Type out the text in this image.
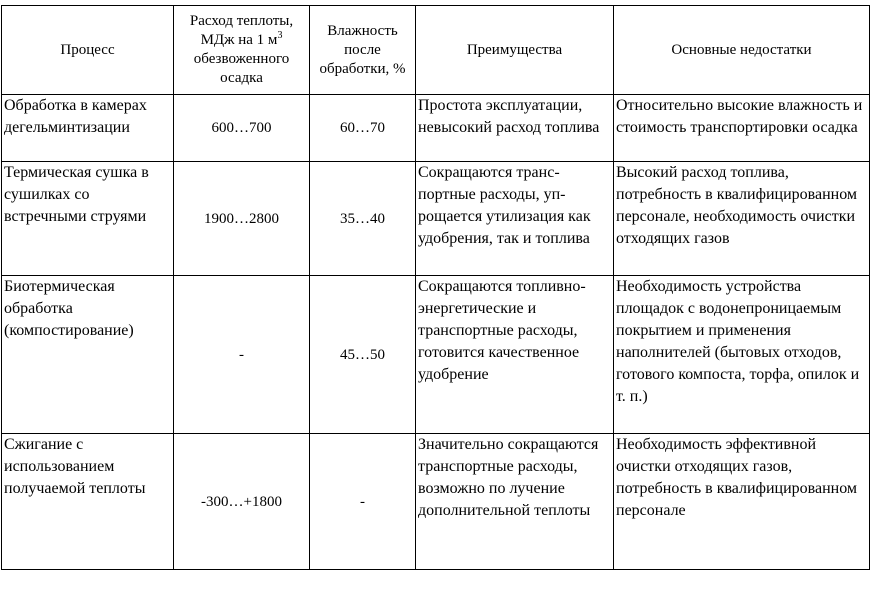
Процесс	Расход теплоты, МДж на 1 $м^3$ обезвоженного осадка	Влажность после обработки, %	Преимущества	Основные недостатки
Обработка в камерах дегельминтизации	600…700	60…70	Простота эксплуатации, невысокий расход топлива	Относительно высокие влажность и стоимость транспортировки осадка
Термическая сушка в сушилках со встречными струями	1900…2800	35…40	Сокращаются транспортные расходы, упрощается утилизация как удобрения, так и топлива	Высокий расход топлива, потребность в квалифицированном персонале, необходимость очистки отходящих газов
Биотермическая обработка (компостирование)	-	45…50	Сокращаются топливно-энергетические и транспортные расходы, готовится качественное удобрение	Необходимость устройства площадок с водонепроницаемым покрытием и применения наполнителей (бытовых отходов, готового компоста, торфа, опилок и т. п.)
Сжигание с использованием получаемой теплоты	-300…+1800	-	Значительно сокращаются транспортные расходы, возможно по лучение дополнительной теплоты	Необходимость эффективной очистки отходящих газов, потребность в квалифицированном персонале
